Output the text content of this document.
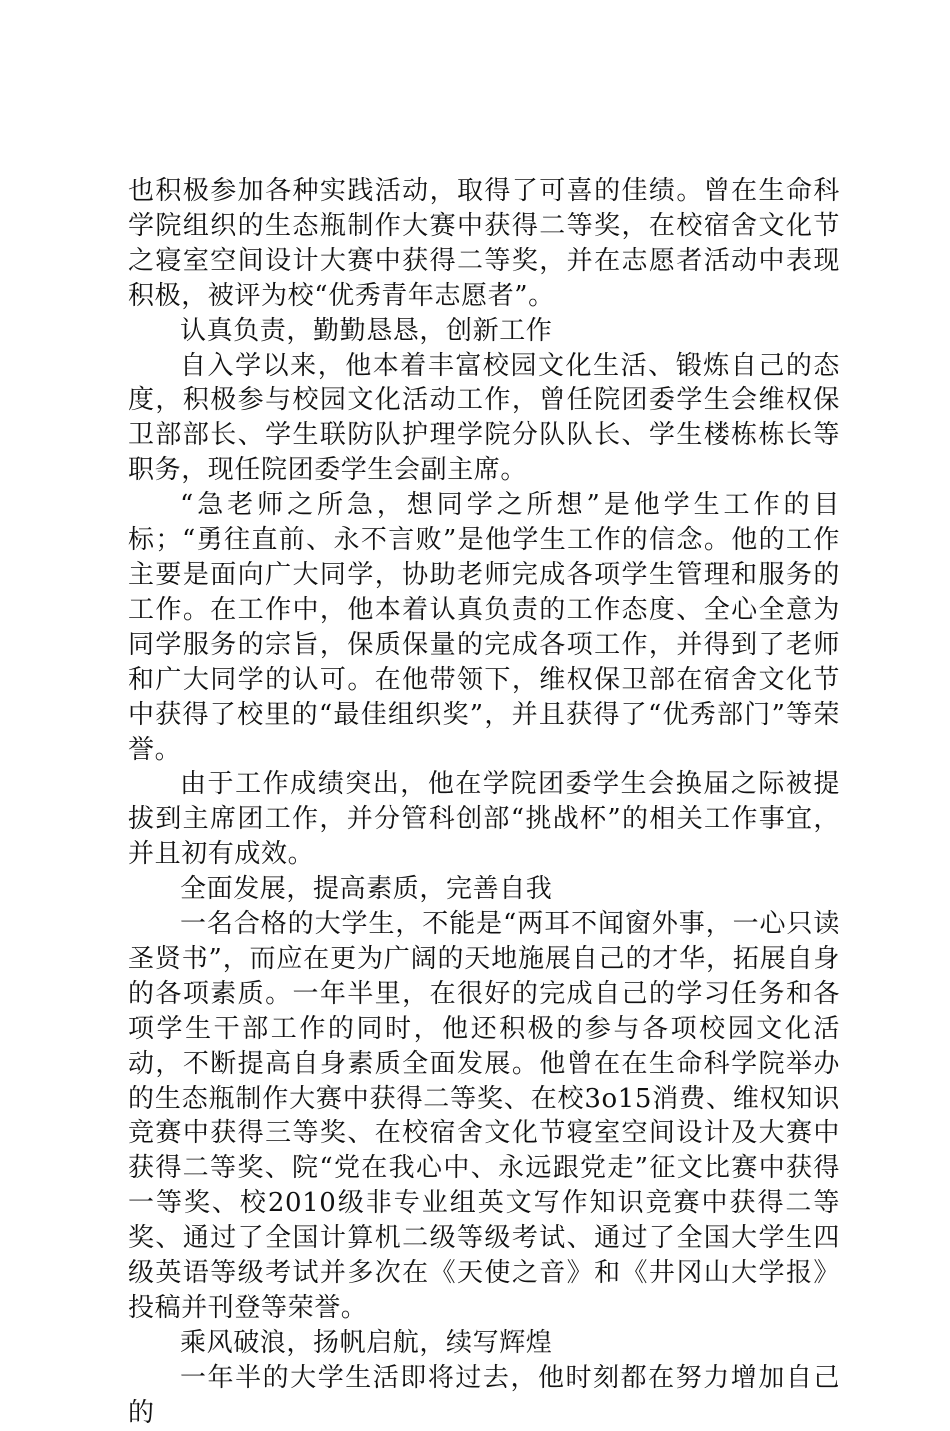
也积极参加各种实践活动，取得了可喜的佳绩。曾在生命科学院组织的生态瓶制作大赛中获得二等奖，在校宿舍文化节之寝室空间设计大赛中获得二等奖，并在志愿者活动中表现积极，被评为校“优秀青年志愿者”。

认真负责，勤勤恳恳，创新工作

自入学以来，他本着丰富校园文化生活、锻炼自己的态度，积极参与校园文化活动工作，曾任院团委学生会维权保卫部部长、学生联防队护理学院分队队长、学生楼栋栋长等职务，现任院团委学生会副主席。

“急老师之所急，想同学之所想”是他学生工作的目标；“勇往直前、永不言败”是他学生工作的信念。他的工作主要是面向广大同学，协助老师完成各项学生管理和服务的工作。在工作中，他本着认真负责的工作态度、全心全意为同学服务的宗旨，保质保量的完成各项工作，并得到了老师和广大同学的认可。在他带领下，维权保卫部在宿舍文化节中获得了校里的“最佳组织奖”，并且获得了“优秀部门”等荣誉。

由于工作成绩突出，他在学院团委学生会换届之际被提拔到主席团工作，并分管科创部“挑战杯”的相关工作事宜，并且初有成效。

全面发展，提高素质，完善自我

一名合格的大学生，不能是“两耳不闻窗外事，一心只读圣贤书”，而应在更为广阔的天地施展自己的才华，拓展自身的各项素质。一年半里，在很好的完成自己的学习任务和各项学生干部工作的同时，他还积极的参与各项校园文化活动，不断提高自身素质全面发展。他曾在在生命科学院举办的生态瓶制作大赛中获得二等奖、在校3o15消费、维权知识竞赛中获得三等奖、在校宿舍文化节寝室空间设计及大赛中获得二等奖、院“党在我心中、永远跟党走”征文比赛中获得一等奖、校2010级非专业组英文写作知识竞赛中获得二等奖、通过了全国计算机二级等级考试、通过了全国大学生四级英语等级考试并多次在《天使之音》和《井冈山大学报》投稿并刊登等荣誉。

乘风破浪，扬帆启航，续写辉煌

一年半的大学生活即将过去，他时刻都在努力增加自己的
